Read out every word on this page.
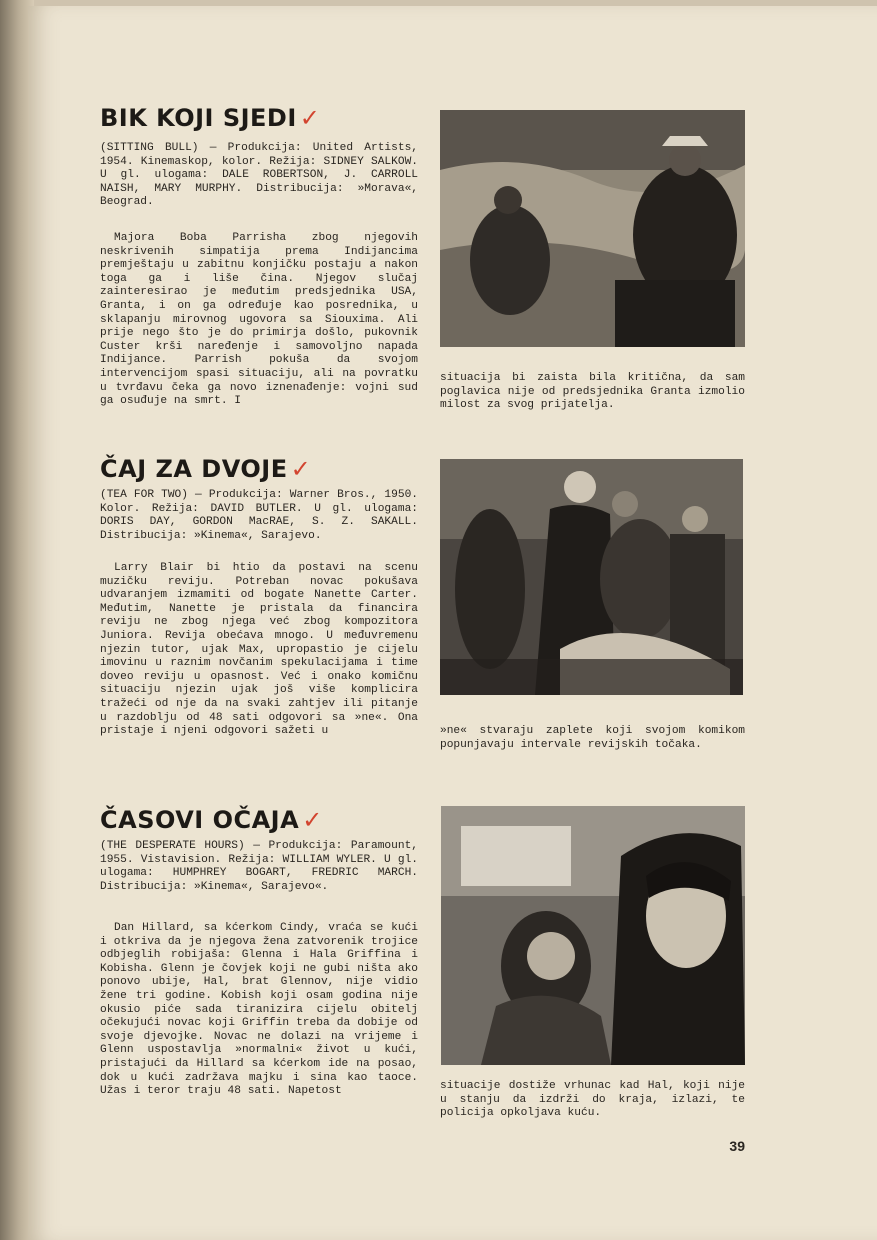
BIK KOJI SJEDI ✓

(SITTING BULL) — Produkcija: United Artists, 1954. Kinemaskop, kolor. Režija: SIDNEY SALKOW. U gl. ulogama: DALE ROBERTSON, J. CARROLL NAISH, MARY MURPHY. Distribucija: »Morava«, Beograd.

Majora Boba Parrisha zbog njegovih neskrivenih simpatija prema Indijancima premještaju u zabitnu konjičku postaju a nakon toga ga i liše čina. Njegov slučaj zainteresirao je međutim predsjednika USA, Granta, i on ga određuje kao posrednika, u sklapanju mirovnog ugovora sa Siouxima. Ali prije nego što je do primirja došlo, pukovnik Custer krši naređenje i samovoljno napada Indijance. Parrish pokuša da svojom intervencijom spasi situaciju, ali na povratku u tvrđavu čeka ga novo iznenađenje: vojni sud ga osuđuje na smrt. I

situacija bi zaista bila kritična, da sam poglavica nije od predsjednika Granta izmolio milost za svog prijatelja.

ČAJ ZA DVOJE ✓

(TEA FOR TWO) — Produkcija: Warner Bros., 1950. Kolor. Režija: DAVID BUTLER. U gl. ulogama: DORIS DAY, GORDON MacRAE, S. Z. SAKALL. Distribucija: »Kinema«, Sarajevo.

Larry Blair bi htio da postavi na scenu muzičku reviju. Potreban novac pokušava udvaranjem izmamiti od bogate Nanette Carter. Međutim, Nanette je pristala da financira reviju ne zbog njega već zbog kompozitora Juniora. Revija obećava mnogo. U međuvremenu njezin tutor, ujak Max, upropastio je cijelu imovinu u raznim novčanim spekulacijama i time doveo reviju u opasnost. Već i onako komičnu situaciju njezin ujak još više komplicira tražeći od nje da na svaki zahtjev ili pitanje u razdoblju od 48 sati odgovori sa »ne«. Ona pristaje i njeni odgovori sažeti u	»ne« stvaraju zaplete koji svojom komikom popunjavaju intervale revijskih točaka.

ČASOVI OČAJA ✓

(THE DESPERATE HOURS) — Produkcija: Paramount, 1955. Vistavision. Režija: WILLIAM WYLER. U gl. ulogama: HUMPHREY BOGART, FREDRIC MARCH. Distribucija: »Kinema«, Sarajevo«.

Dan Hillard, sa kćerkom Cindy, vraća se kući i otkriva da je njegova žena zatvorenik trojice odbjeglih robijaša: Glenna i Hala Griffina i Kobisha. Glenn je čovjek koji ne gubi ništa ako ponovo ubije, Hal, brat Glennov, nije vidio žene tri godine. Kobish koji osam godina nije okusio piće sada tiranizira cijelu obitelj očekujući novac koji Griffin treba da dobije od svoje djevojke. Novac ne dolazi na vrijeme i Glenn uspostavlja »normalni« život u kući, pristajući da Hillard sa kćerkom ide na posao, dok u kući zadržava majku i sina kao taoce. Užas i teror traju 48 sati. Napetost	situacije dostiže vrhunac kad Hal, koji nije u stanju da izdrži do kraja, izlazi, te policija opkoljava kuću.

39
